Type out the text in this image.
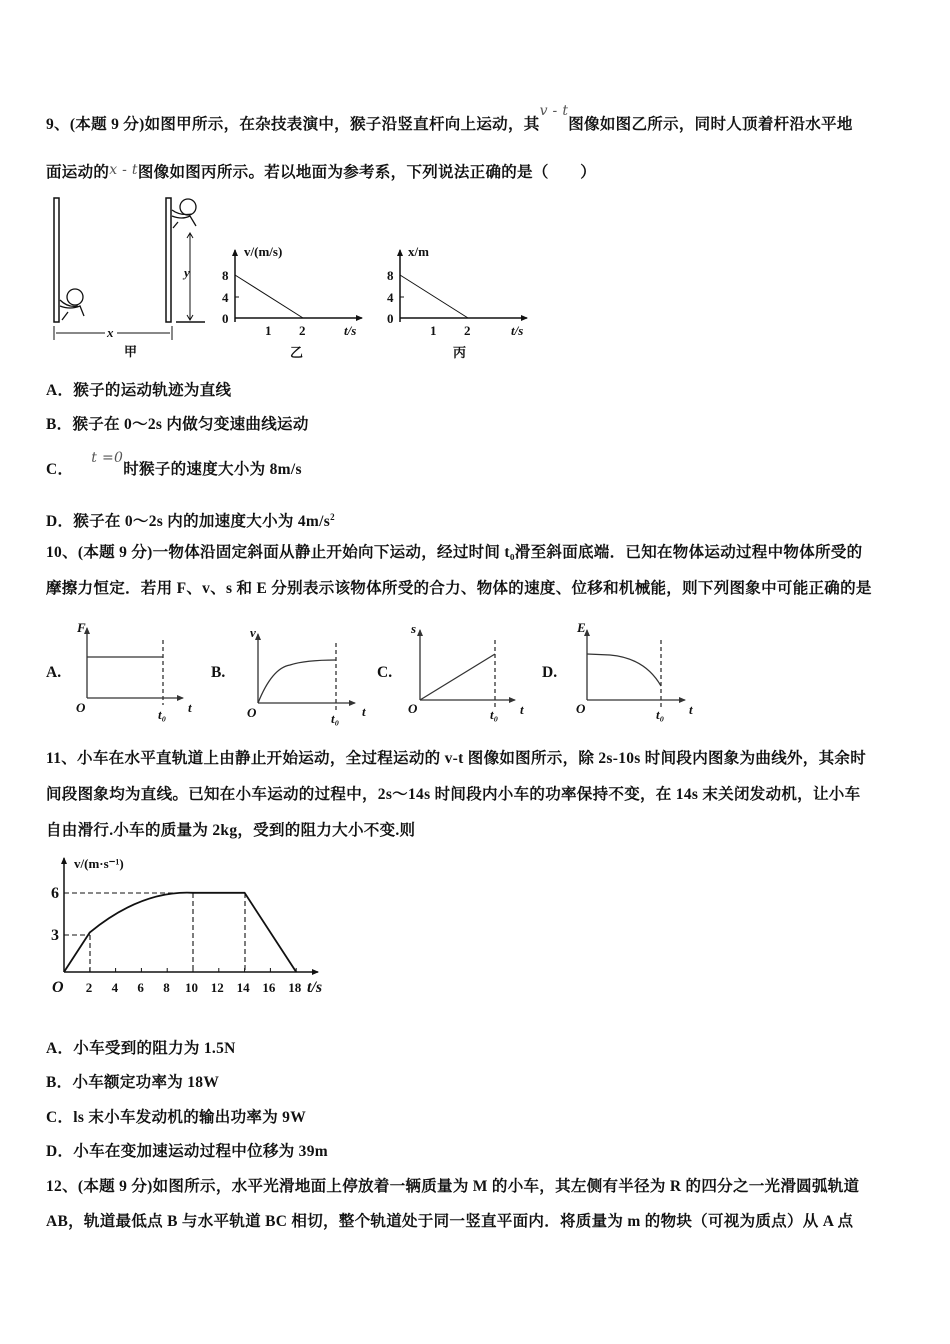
9、(本题 9 分)如图甲所示，在杂技表演中，猴子沿竖直杆向上运动，其v - t图像如图乙所示，同时人顶着杆沿水平地
面运动的x - t图像如图丙所示。若以地面为参考系，下列说法正确的是（　　）
x
y
甲
v/(m/s)
8
4
0
1 2	t/s
乙
x/m
8
4
0
1 2	t/s
丙
A．猴子的运动轨迹为直线
B．猴子在 0～2s 内做匀变速曲线运动
C．t =0时猴子的速度大小为 8m/s
D．猴子在 0～2s 内的加速度大小为 $4m/s^2$
10、(本题 9 分)一物体沿固定斜面从静止开始向下运动，经过时间 t₀滑至斜面底端．已知在物体运动过程中物体所受的
摩擦力恒定．若用 F、v、s 和 E 分别表示该物体所受的合力、物体的速度、位移和机械能，则下列图象中可能正确的是
A.	B.	C.	D.
F
O	t₀ t
v
O	t₀ t
s
O	t₀ t
E
O	t₀ t
11、小车在水平直轨道上由静止开始运动，全过程运动的 v-t 图像如图所示，除 2s-10s 时间段内图象为曲线外，其余时
间段图象均为直线。已知在小车运动的过程中，2s～14s 时间段内小车的功率保持不变，在 14s 末关闭发动机，让小车
自由滑行.小车的质量为 2kg，受到的阻力大小不变.则
v/(m·s⁻¹)
6
3
O 2 4 6 8 10 12 14 16 18 t/s
A．小车受到的阻力为 1.5N
B．小车额定功率为 18W
C．ls 末小车发动机的输出功率为 9W
D．小车在变加速运动过程中位移为 39m
12、(本题 9 分)如图所示，水平光滑地面上停放着一辆质量为 M 的小车，其左侧有半径为 R 的四分之一光滑圆弧轨道
AB，轨道最低点 B 与水平轨道 BC 相切，整个轨道处于同一竖直平面内．将质量为 m 的物块（可视为质点）从 A 点
